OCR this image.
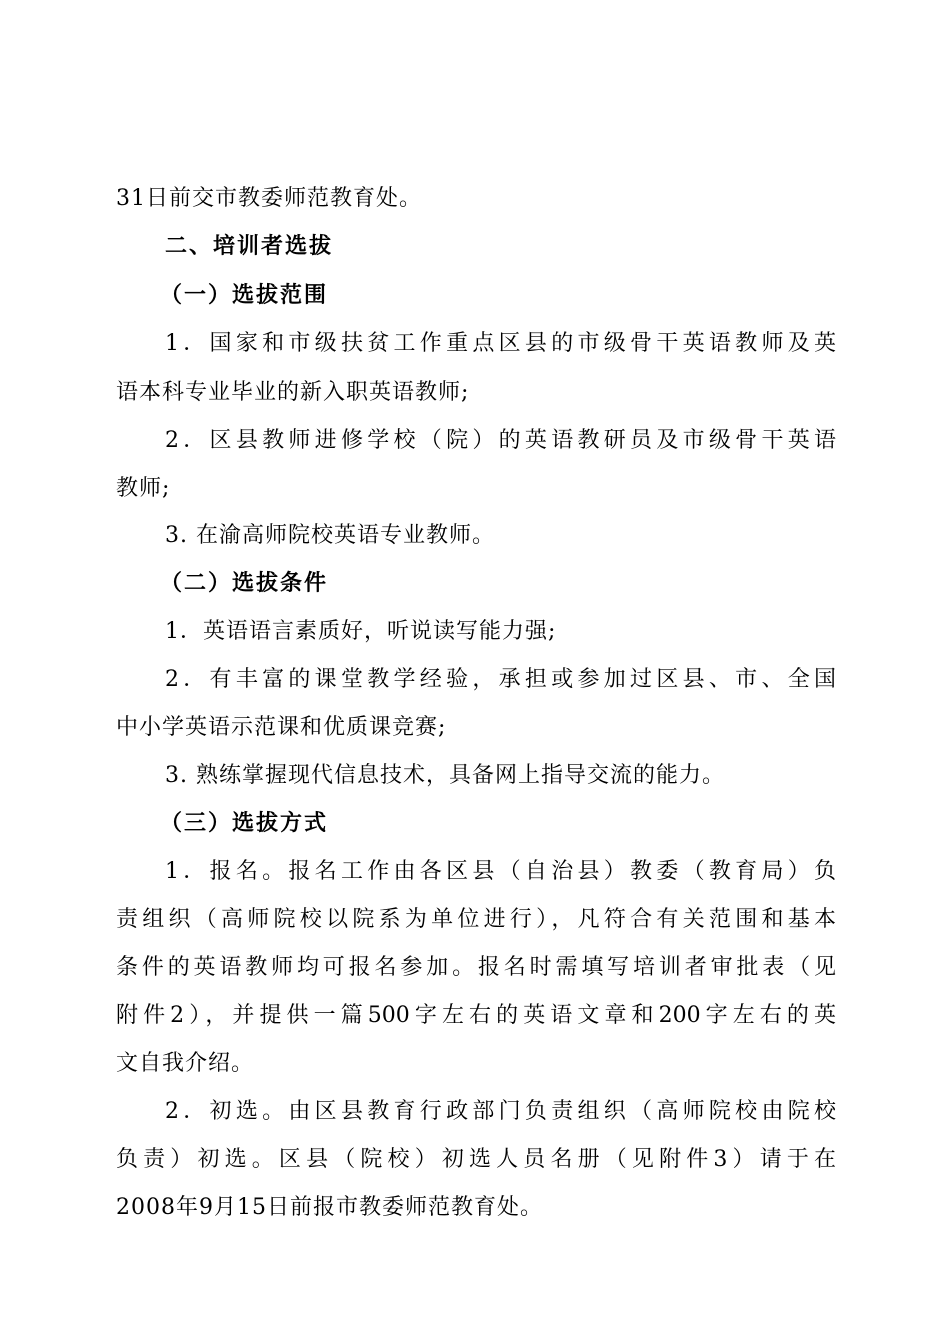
31日前交市教委师范教育处。
二、培训者选拔
（一）选拔范围
1．国家和市级扶贫工作重点区县的市级骨干英语教师及英
语本科专业毕业的新入职英语教师;
2．区县教师进修学校（院）的英语教研员及市级骨干英语
教师;
3. 在渝高师院校英语专业教师。
（二）选拔条件
1．英语语言素质好，听说读写能力强;
2．有丰富的课堂教学经验，承担或参加过区县、市、全国
中小学英语示范课和优质课竞赛;
3. 熟练掌握现代信息技术，具备网上指导交流的能力。
（三）选拔方式
1．报名。报名工作由各区县（自治县）教委（教育局）负
责组织（高师院校以院系为单位进行），凡符合有关范围和基本
条件的英语教师均可报名参加。报名时需填写培训者审批表（见
附件2），并提供一篇500字左右的英语文章和200字左右的英
文自我介绍。
2．初选。由区县教育行政部门负责组织（高师院校由院校
负责）初选。区县（院校）初选人员名册（见附件3）请于在
2008年9月15日前报市教委师范教育处。
